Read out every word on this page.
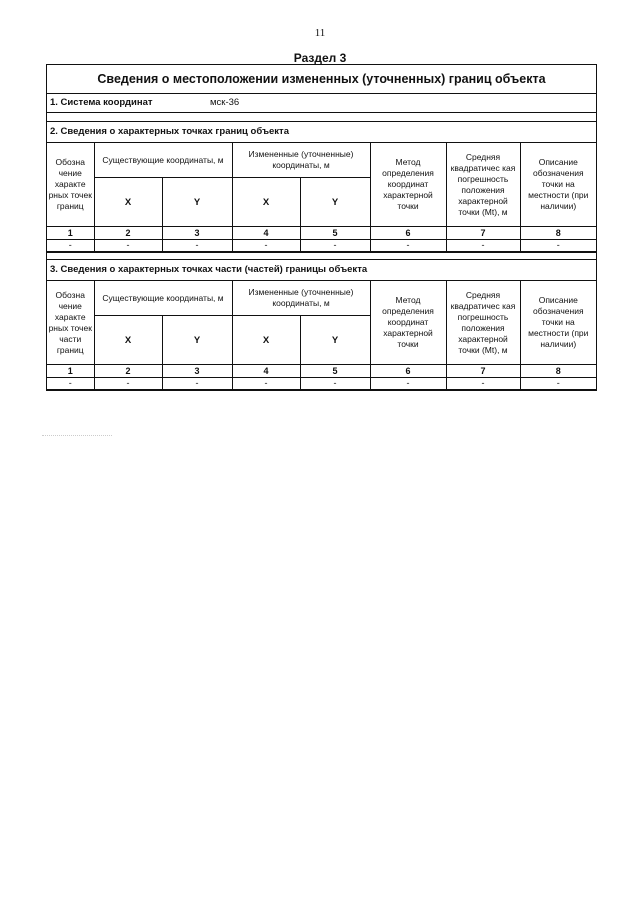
11
Раздел 3
Сведения о местоположении измененных (уточненных) границ объекта
1. Система координат	мск-36
2. Сведения о характерных точках границ объекта
Обозна чение характе рных точек границ	Существующие координаты, м		Измененные (уточненные) координаты, м		Метод определения координат характерной точки	Средняя квадратичес кая погрешность положения характерной точки (Mt), м	Описание обозначения точки на местности (при наличии)
	X	Y	X	Y			
1	2	3	4	5	6	7	8
-	-	-	-	-	-	-	-
3. Сведения о характерных точках части (частей) границы объекта
Обозна чение характе рных точек части границ	Существующие координаты, м		Измененные (уточненные) координаты, м		Метод определения координат характерной точки	Средняя квадратичес кая погрешность положения характерной точки (Mt), м	Описание обозначения точки на местности (при наличии)
	X	Y	X	Y			
1	2	3	4	5	6	7	8
-	-	-	-	-	-	-	-
